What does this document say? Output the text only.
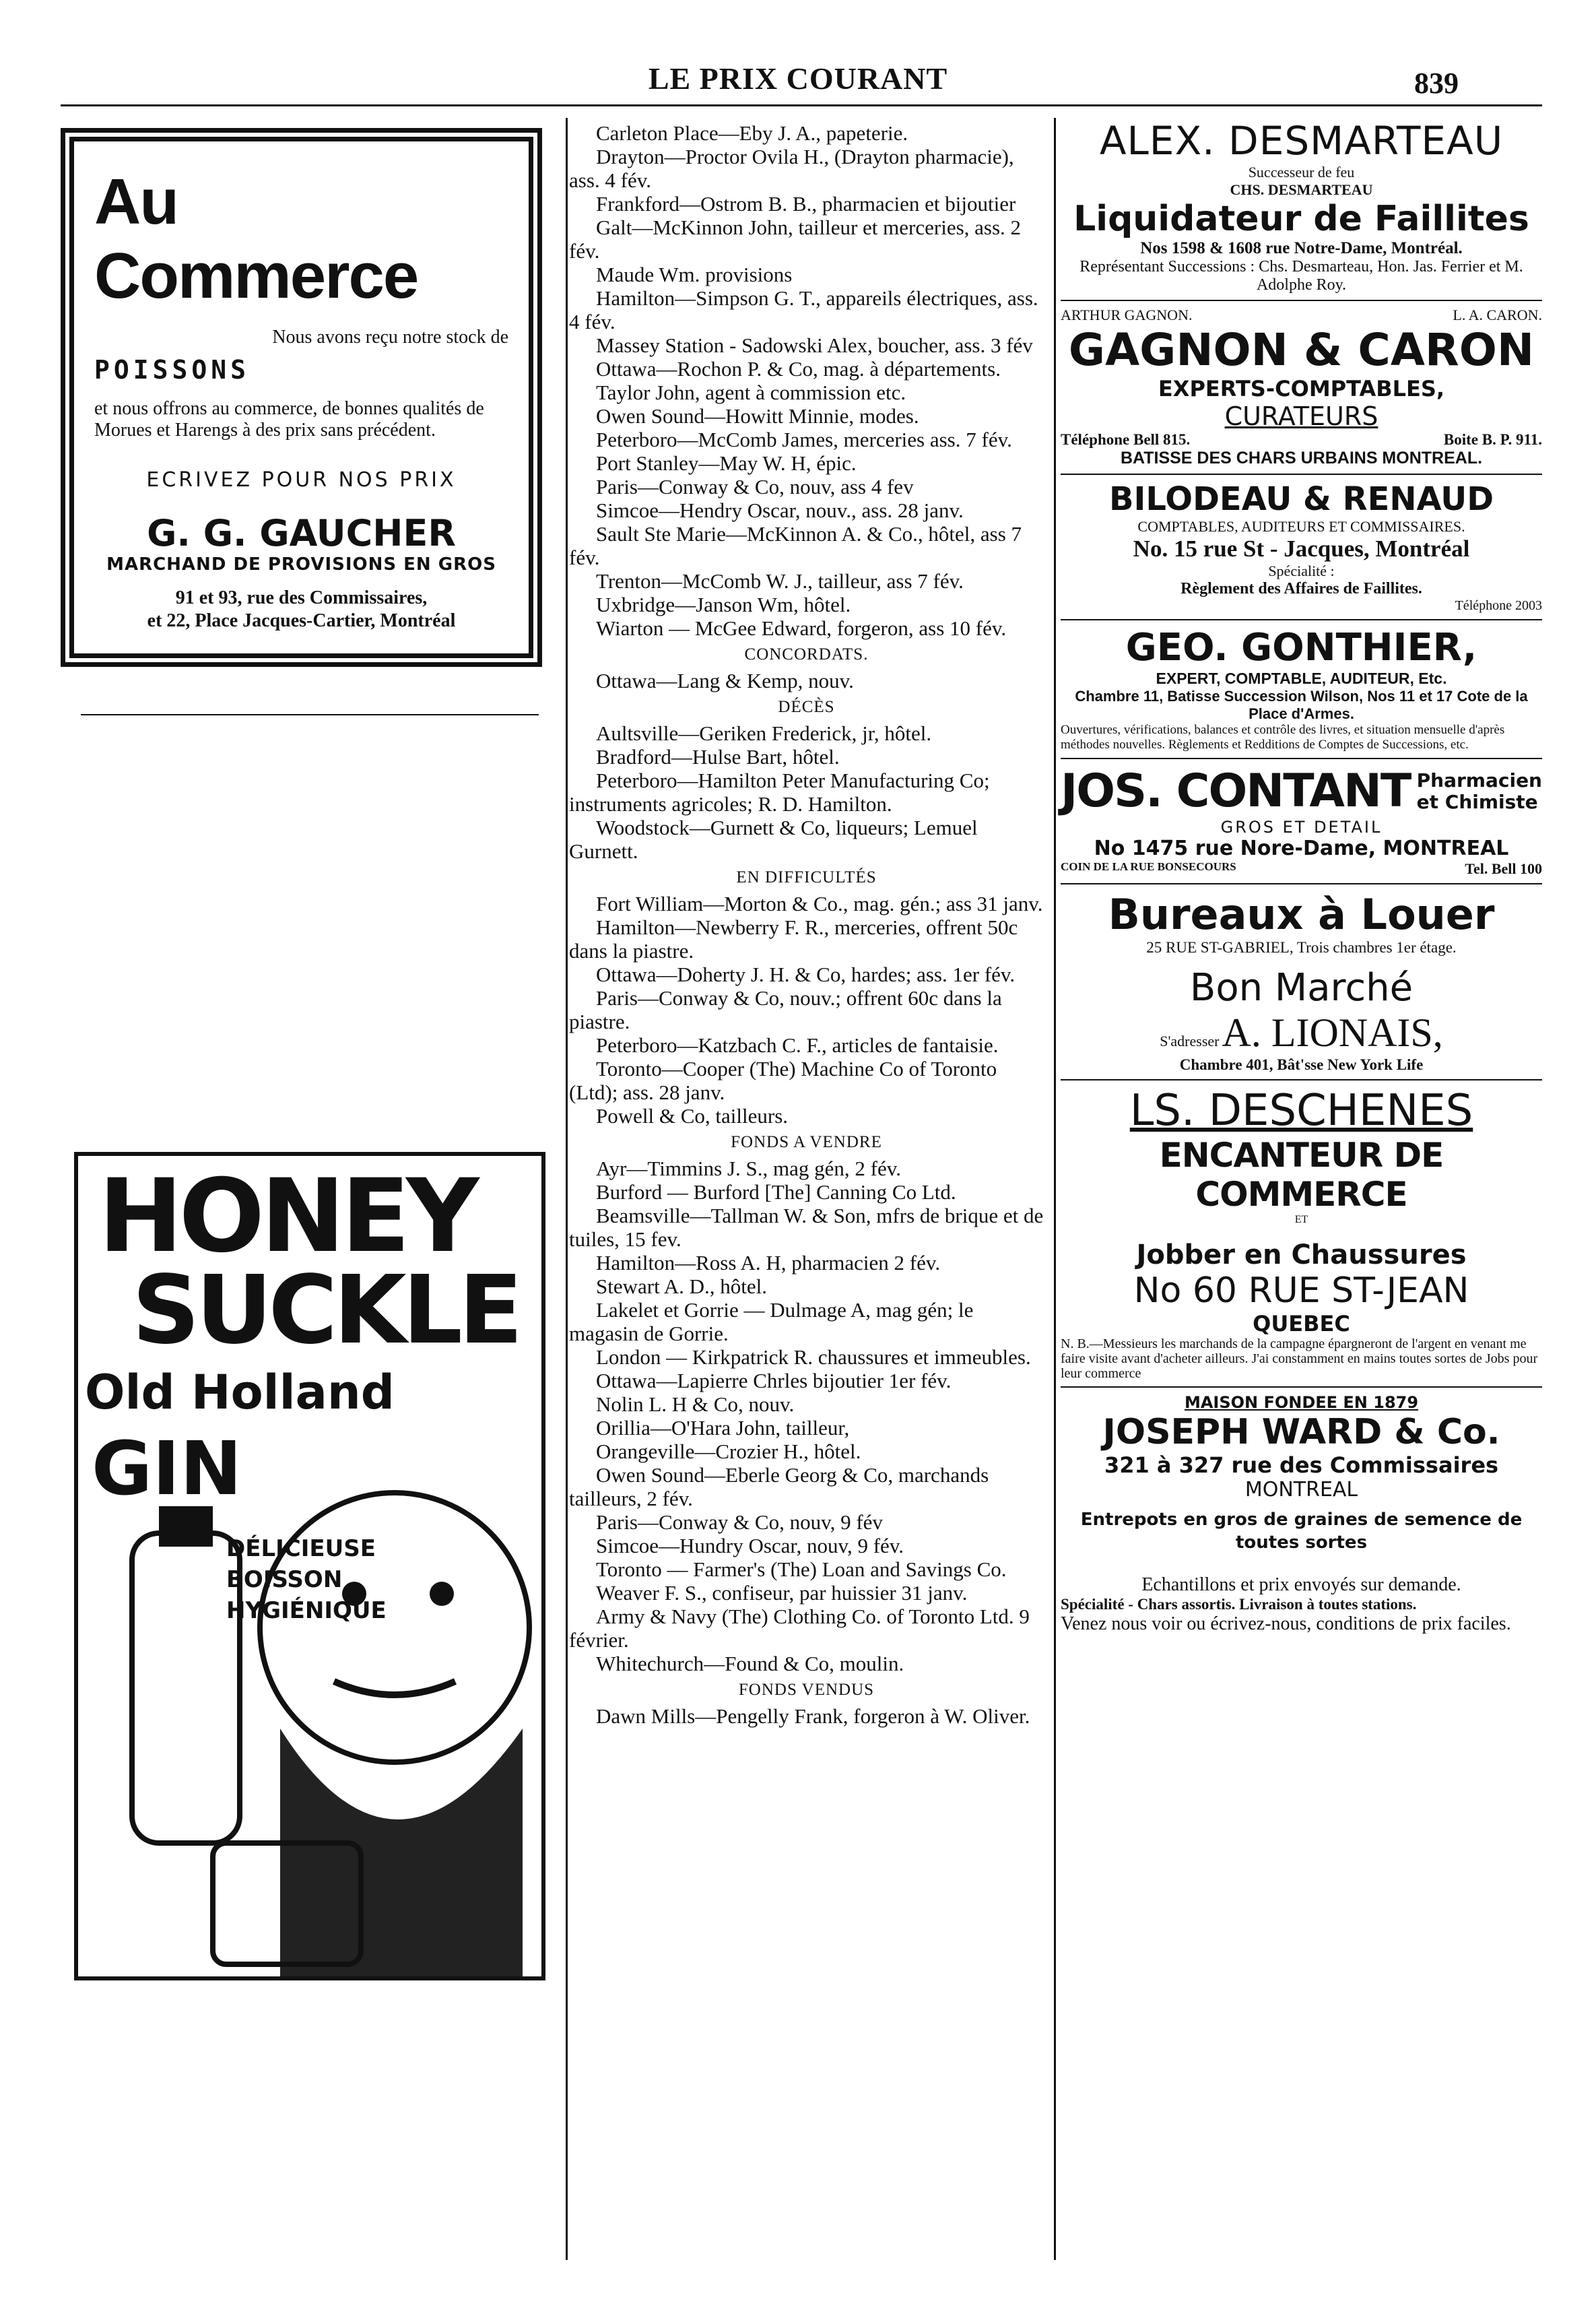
LE PRIX COURANT	839
Au Commerce
Nous avons reçu notre stock de
POISSONS
et nous offrons au commerce, de bonnes qualités de Morues et Harengs à des prix sans précédent.
ECRIVEZ POUR NOS PRIX
G. G. GAUCHER
MARCHAND DE PROVISIONS EN GROS
91 et 93, rue des Commissaires,
et 22, Place Jacques-Cartier, Montréal
HONEY
SUCKLE
Old Holland
GIN
DÉLICIEUSE
BOISSON
HYGIÉNIQUE

Carleton Place—Eby J. A., papeterie.

Drayton—Proctor Ovila H., (Drayton pharmacie), ass. 4 fév.

Frankford—Ostrom B. B., pharmacien et bijoutier

Galt—McKinnon John, tailleur et merceries, ass. 2 fév.

Maude Wm. provisions

Hamilton—Simpson G. T., appareils électriques, ass. 4 fév.

Massey Station - Sadowski Alex, boucher, ass. 3 fév

Ottawa—Rochon P. & Co, mag. à départements.

Taylor John, agent à commission etc.

Owen Sound—Howitt Minnie, modes.

Peterboro—McComb James, merceries ass. 7 fév.

Port Stanley—May W. H, épic.

Paris—Conway & Co, nouv, ass 4 fev

Simcoe—Hendry Oscar, nouv., ass. 28 janv.

Sault Ste Marie—McKinnon A. & Co., hôtel, ass 7 fév.

Trenton—McComb W. J., tailleur, ass 7 fév.

Uxbridge—Janson Wm, hôtel.

Wiarton — McGee Edward, forgeron, ass 10 fév.

CONCORDATS.

Ottawa—Lang & Kemp, nouv.

DÉCÈS

Aultsville—Geriken Frederick, jr, hôtel.

Bradford—Hulse Bart, hôtel.

Peterboro—Hamilton Peter Manufacturing Co; instruments agricoles; R. D. Hamilton.

Woodstock—Gurnett & Co, liqueurs; Lemuel Gurnett.

EN DIFFICULTÉS

Fort William—Morton & Co., mag. gén.; ass 31 janv.

Hamilton—Newberry F. R., merceries, offrent 50c dans la piastre.

Ottawa—Doherty J. H. & Co, hardes; ass. 1er fév.

Paris—Conway & Co, nouv.; offrent 60c dans la piastre.

Peterboro—Katzbach C. F., articles de fantaisie.

Toronto—Cooper (The) Machine Co of Toronto (Ltd); ass. 28 janv.

Powell & Co, tailleurs.

FONDS A VENDRE

Ayr—Timmins J. S., mag gén, 2 fév.

Burford — Burford [The] Canning Co Ltd.

Beamsville—Tallman W. & Son, mfrs de brique et de tuiles, 15 fev.

Hamilton—Ross A. H, pharmacien 2 fév.

Stewart A. D., hôtel.

Lakelet et Gorrie — Dulmage A, mag gén; le magasin de Gorrie.

London — Kirkpatrick R. chaussures et immeubles.

Ottawa—Lapierre Chrles bijoutier 1er fév.

Nolin L. H & Co, nouv.

Orillia—O'Hara John, tailleur,

Orangeville—Crozier H., hôtel.

Owen Sound—Eberle Georg & Co, marchands tailleurs, 2 fév.

Paris—Conway & Co, nouv, 9 fév

Simcoe—Hundry Oscar, nouv, 9 fév.

Toronto — Farmer's (The) Loan and Savings Co.

Weaver F. S., confiseur, par huissier 31 janv.

Army & Navy (The) Clothing Co. of Toronto Ltd. 9 février.

Whitechurch—Found & Co, moulin.

FONDS VENDUS

Dawn Mills—Pengelly Frank, forgeron à W. Oliver.

ALEX. DESMARTEAU
Successeur de feu
CHS. DESMARTEAU
Liquidateur de Faillites
Nos 1598 & 1608 rue Notre-Dame, Montréal.
Représentant Successions : Chs. Desmarteau, Hon. Jas. Ferrier et M. Adolphe Roy.
ARTHUR GAGNON.	L. A. CARON.
GAGNON & CARON
EXPERTS-COMPTABLES,
CURATEURS
Téléphone Bell 815.	Boite B. P. 911.
BATISSE DES CHARS URBAINS MONTREAL.
BILODEAU & RENAUD
COMPTABLES, AUDITEURS ET COMMISSAIRES.
No. 15 rue St - Jacques, Montréal
Spécialité :
Règlement des Affaires de Faillites.
Téléphone 2003
GEO. GONTHIER,
EXPERT, COMPTABLE, AUDITEUR, Etc.
Chambre 11, Batisse Succession Wilson, Nos 11 et 17 Cote de la Place d'Armes.
Ouvertures, vérifications, balances et contrôle des livres, et situation mensuelle d'après méthodes nouvelles. Règlements et Redditions de Comptes de Successions, etc.
JOS. CONTANT Pharmacien
et Chimiste
GROS ET DETAIL
No 1475 rue Nore-Dame, MONTREAL
COIN DE LA RUE BONSECOURS	Tel. Bell 100
Bureaux à Louer
25 RUE ST-GABRIEL, Trois chambres 1er étage.
Bon Marché
S'adresser A. LIONAIS,
Chambre 401, Bât'sse New York Life
LS. DESCHENES
ENCANTEUR DE COMMERCE
ET
Jobber en Chaussures
No 60 RUE ST-JEAN
QUEBEC
N. B.—Messieurs les marchands de la campagne épargneront de l'argent en venant me faire visite avant d'acheter ailleurs. J'ai constamment en mains toutes sortes de Jobs pour leur commerce
MAISON FONDEE EN 1879
JOSEPH WARD & Co.
321 à 327 rue des Commissaires
MONTREAL
Entrepots en gros de graines de semence de toutes sortes
Echantillons et prix envoyés sur demande.
Spécialité - Chars assortis. Livraison à toutes stations.
Venez nous voir ou écrivez-nous, conditions de prix faciles.
